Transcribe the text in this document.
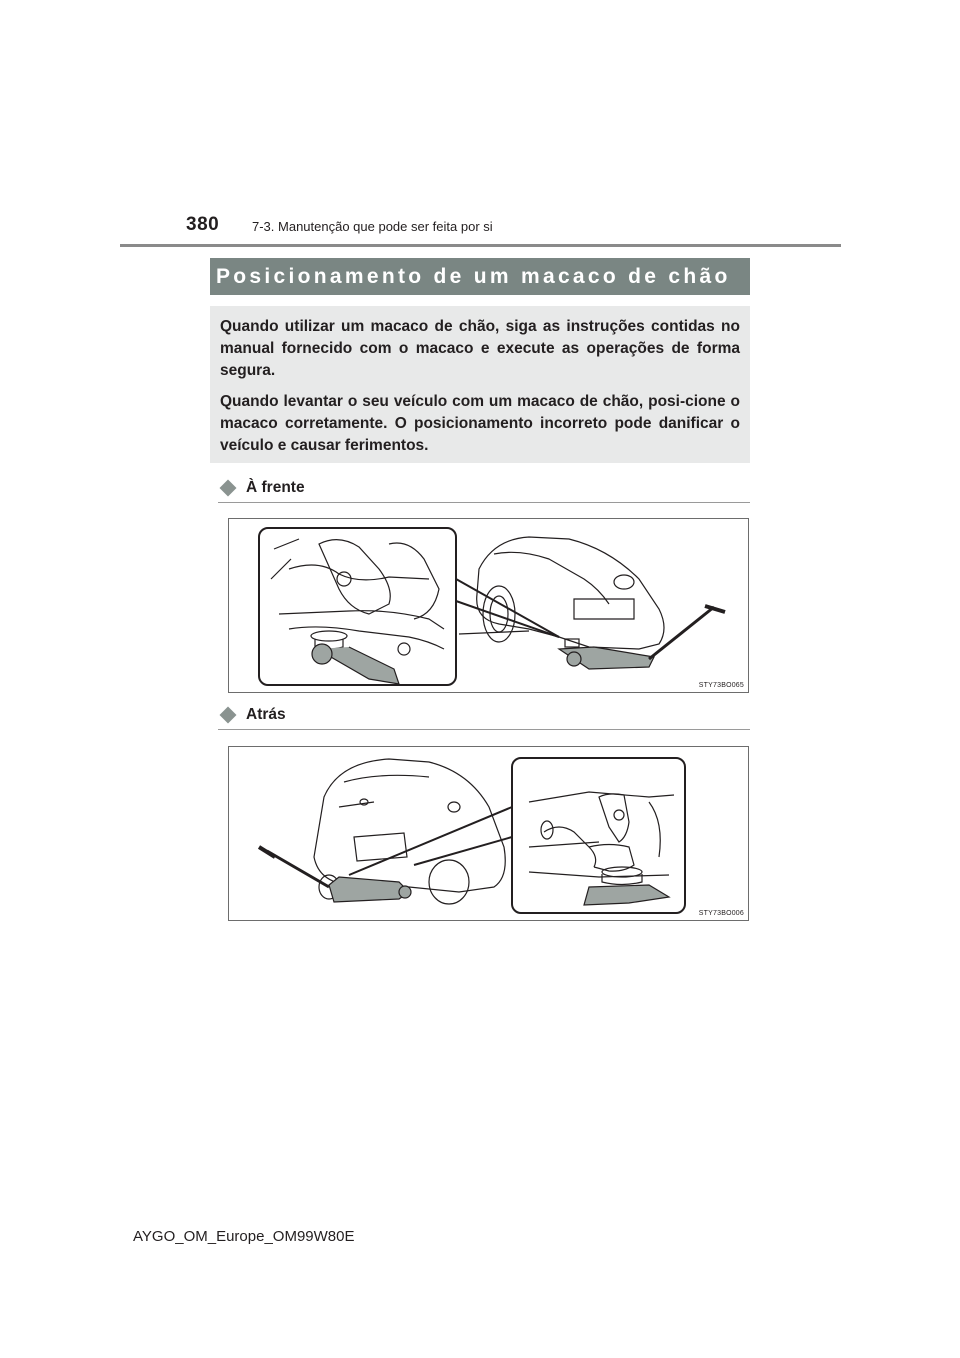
380	7-3. Manutenção que pode ser feita por si
Posicionamento de um macaco de chão

Quando utilizar um macaco de chão, siga as instruções contidas no manual fornecido com o macaco e execute as operações de forma segura.

Quando levantar o seu veículo com um macaco de chão, posi-cione o macaco corretamente. O posicionamento incorreto pode danificar o veículo e causar ferimentos.

À frente
STY73BO065
Atrás
STY73BO006
AYGO_OM_Europe_OM99W80E
